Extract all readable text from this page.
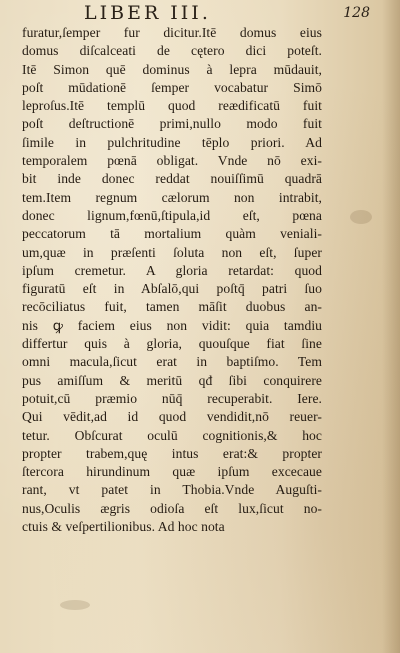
LIBER III.	128
furatur,ſemper fur dicitur.Itē domus eius
domus diſcalceati de cętero dici poteſt.
Itē Simon quē dominus à lepra mūdauit,
poſt mūdationē ſemper vocabatur Simō
leproſus.Itē templū quod reædificatū fuit
poſt deſtructionē primi,nullo modo fuit
ſimile in pulchritudine tēplo priori. Ad
temporalem pœnā obligat. Vnde nō exi-
bit inde donec reddat nouiſſimū quadrā
tem.Item regnum cælorum non intrabit,
donec lignum,fœnū,ſtipula,id eſt, pœna
peccatorum tā mortalium quàm veniali-
um,quæ in præſenti ſoluta non eſt, ſuper
ipſum cremetur. A gloria retardat: quod
figuratū eſt in Abſalō,qui poſtq̄ patri ſuo
recōciliatus fuit, tamen māſit duobus an-
nis ꝙ faciem eius non vidit: quia tamdiu
differtur quis à gloria, quouſque fiat ſine
omni macula,ſicut erat in baptiſmo. Tem
pus amiſſum & meritū qđ ſibi conquirere
potuit,cū præmio nūq̄ recuperabit. Iere.
Qui vēdit,ad id quod vendidit,nō reuer-
tetur. Obſcurat oculū cognitionis,& hoc
propter trabem,quę intus erat:& propter
ſtercora hirundinum quæ ipſum excecaue
rant, vt patet in Thobia.Vnde Auguſti-
nus,Oculis ægris odioſa eſt lux,ſicut no-
ctuis & veſpertilionibus. Ad hoc nota
